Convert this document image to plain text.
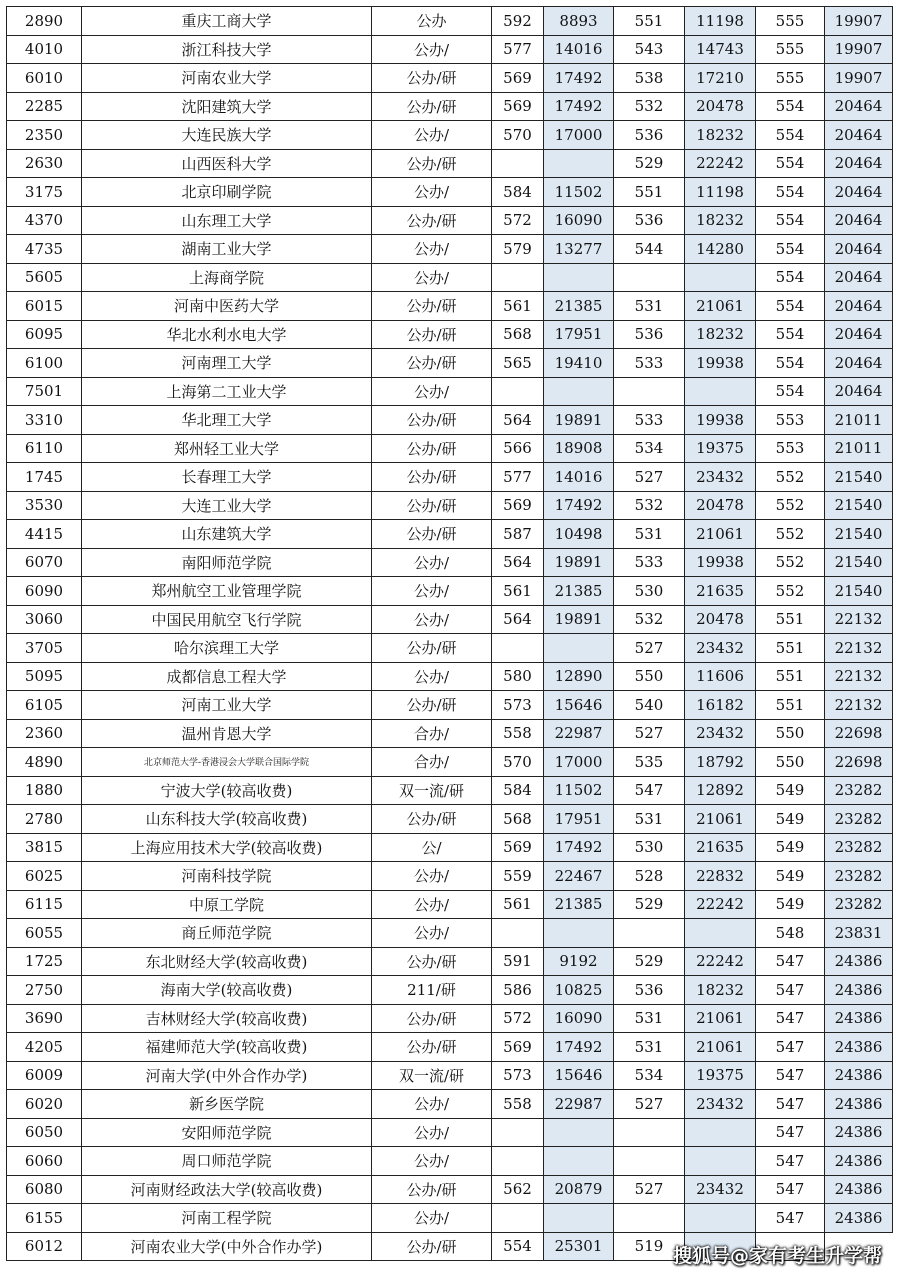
2890	重庆工商大学	公办	592	8893	551	11198	555	19907
4010	浙江科技大学	公办/	577	14016	543	14743	555	19907
6010	河南农业大学	公办/研	569	17492	538	17210	555	19907
2285	沈阳建筑大学	公办/研	569	17492	532	20478	554	20464
2350	大连民族大学	公办/	570	17000	536	18232	554	20464
2630	山西医科大学	公办/研			529	22242	554	20464
3175	北京印刷学院	公办/	584	11502	551	11198	554	20464
4370	山东理工大学	公办/研	572	16090	536	18232	554	20464
4735	湖南工业大学	公办/	579	13277	544	14280	554	20464
5605	上海商学院	公办/					554	20464
6015	河南中医药大学	公办/研	561	21385	531	21061	554	20464
6095	华北水利水电大学	公办/研	568	17951	536	18232	554	20464
6100	河南理工大学	公办/研	565	19410	533	19938	554	20464
7501	上海第二工业大学	公办/					554	20464
3310	华北理工大学	公办/研	564	19891	533	19938	553	21011
6110	郑州轻工业大学	公办/研	566	18908	534	19375	553	21011
1745	长春理工大学	公办/研	577	14016	527	23432	552	21540
3530	大连工业大学	公办/研	569	17492	532	20478	552	21540
4415	山东建筑大学	公办/研	587	10498	531	21061	552	21540
6070	南阳师范学院	公办/	564	19891	533	19938	552	21540
6090	郑州航空工业管理学院	公办/	561	21385	530	21635	552	21540
3060	中国民用航空飞行学院	公办/	564	19891	532	20478	551	22132
3705	哈尔滨理工大学	公办/研			527	23432	551	22132
5095	成都信息工程大学	公办/	580	12890	550	11606	551	22132
6105	河南工业大学	公办/研	573	15646	540	16182	551	22132
2360	温州肯恩大学	合办/	558	22987	527	23432	550	22698
4890	北京师范大学-香港浸会大学联合国际学院	合办/	570	17000	535	18792	550	22698
1880	宁波大学(较高收费)	双一流/研	584	11502	547	12892	549	23282
2780	山东科技大学(较高收费)	公办/研	568	17951	531	21061	549	23282
3815	上海应用技术大学(较高收费)	公/	569	17492	530	21635	549	23282
6025	河南科技学院	公办/	559	22467	528	22832	549	23282
6115	中原工学院	公办/	561	21385	529	22242	549	23282
6055	商丘师范学院	公办/					548	23831
1725	东北财经大学(较高收费)	公办/研	591	9192	529	22242	547	24386
2750	海南大学(较高收费)	211/研	586	10825	536	18232	547	24386
3690	吉林财经大学(较高收费)	公办/研	572	16090	531	21061	547	24386
4205	福建师范大学(较高收费)	公办/研	569	17492	531	21061	547	24386
6009	河南大学(中外合作办学)	双一流/研	573	15646	534	19375	547	24386
6020	新乡医学院	公办/	558	22987	527	23432	547	24386
6050	安阳师范学院	公办/					547	24386
6060	周口师范学院	公办/					547	24386
6080	河南财经政法大学(较高收费)	公办/研	562	20879	527	23432	547	24386
6155	河南工程学院	公办/					547	24386
6012	河南农业大学(中外合作办学)	公办/研	554	25301	519			搜狐号@家有考生升学帮
